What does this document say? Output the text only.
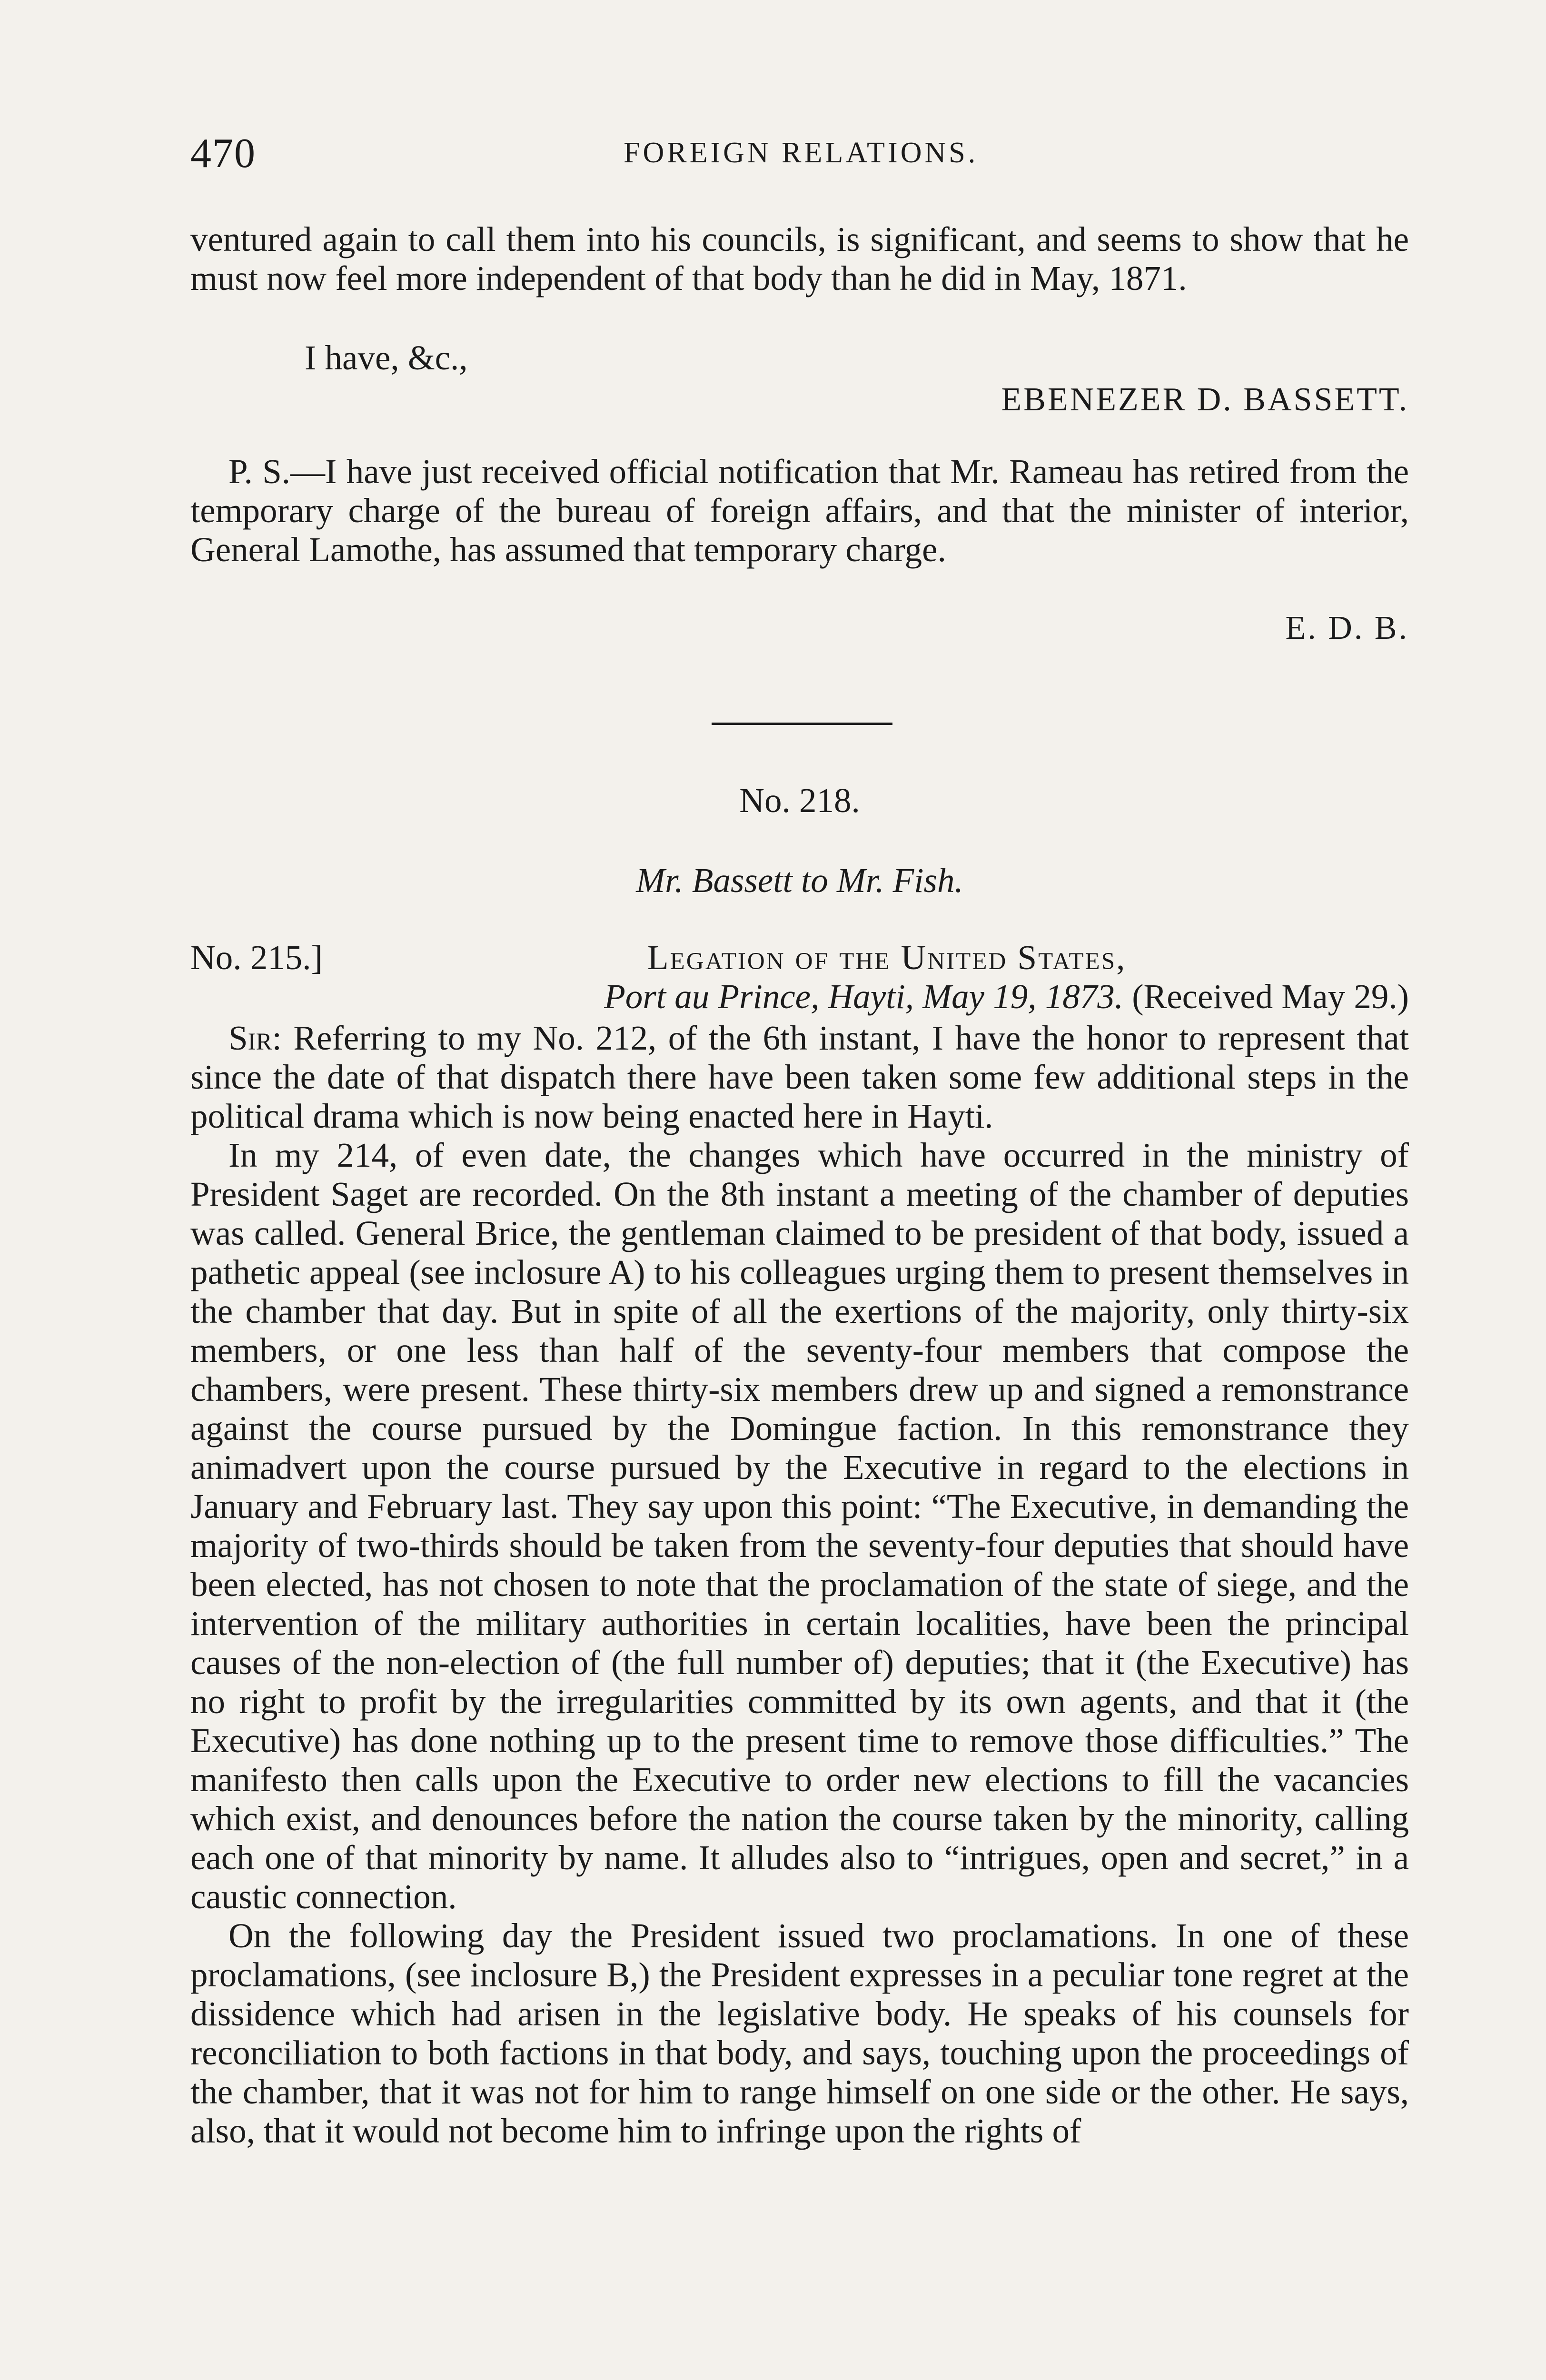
470	FOREIGN RELATIONS.

ventured again to call them into his councils, is significant, and seems to show that he must now feel more independent of that body than he did in May, 1871.

I have, &c.,
EBENEZER D. BASSETT.

P. S.—I have just received official notification that Mr. Rameau has retired from the temporary charge of the bureau of foreign affairs, and that the minister of interior, General Lamothe, has assumed that temporary charge.

E. D. B.
No. 218.
Mr. Bassett to Mr. Fish.
No. 215.]	Legation of the United States,
Port au Prince, Hayti, May 19, 1873. (Received May 29.)

Sir: Referring to my No. 212, of the 6th instant, I have the honor to represent that since the date of that dispatch there have been taken some few additional steps in the political drama which is now being enacted here in Hayti.

In my 214, of even date, the changes which have occurred in the ministry of President Saget are recorded. On the 8th instant a meeting of the chamber of deputies was called. General Brice, the gentleman claimed to be president of that body, issued a pathetic appeal (see inclosure A) to his colleagues urging them to present themselves in the chamber that day. But in spite of all the exertions of the majority, only thirty-six members, or one less than half of the seventy-four members that compose the chambers, were present. These thirty-six members drew up and signed a remonstrance against the course pursued by the Domingue faction. In this remonstrance they animadvert upon the course pursued by the Executive in regard to the elections in January and February last. They say upon this point: “The Executive, in demanding the majority of two-thirds should be taken from the seventy-four deputies that should have been elected, has not chosen to note that the proclamation of the state of siege, and the intervention of the military authorities in certain localities, have been the principal causes of the non-election of (the full number of) deputies; that it (the Executive) has no right to profit by the irregularities committed by its own agents, and that it (the Executive) has done nothing up to the present time to remove those difficulties.” The manifesto then calls upon the Executive to order new elections to fill the vacancies which exist, and denounces before the nation the course taken by the minority, calling each one of that minority by name. It alludes also to “intrigues, open and secret,” in a caustic connection.

On the following day the President issued two proclamations. In one of these proclamations, (see inclosure B,) the President expresses in a peculiar tone regret at the dissidence which had arisen in the legislative body. He speaks of his counsels for reconciliation to both factions in that body, and says, touching upon the proceedings of the chamber, that it was not for him to range himself on one side or the other. He says, also, that it would not become him to infringe upon the rights of
